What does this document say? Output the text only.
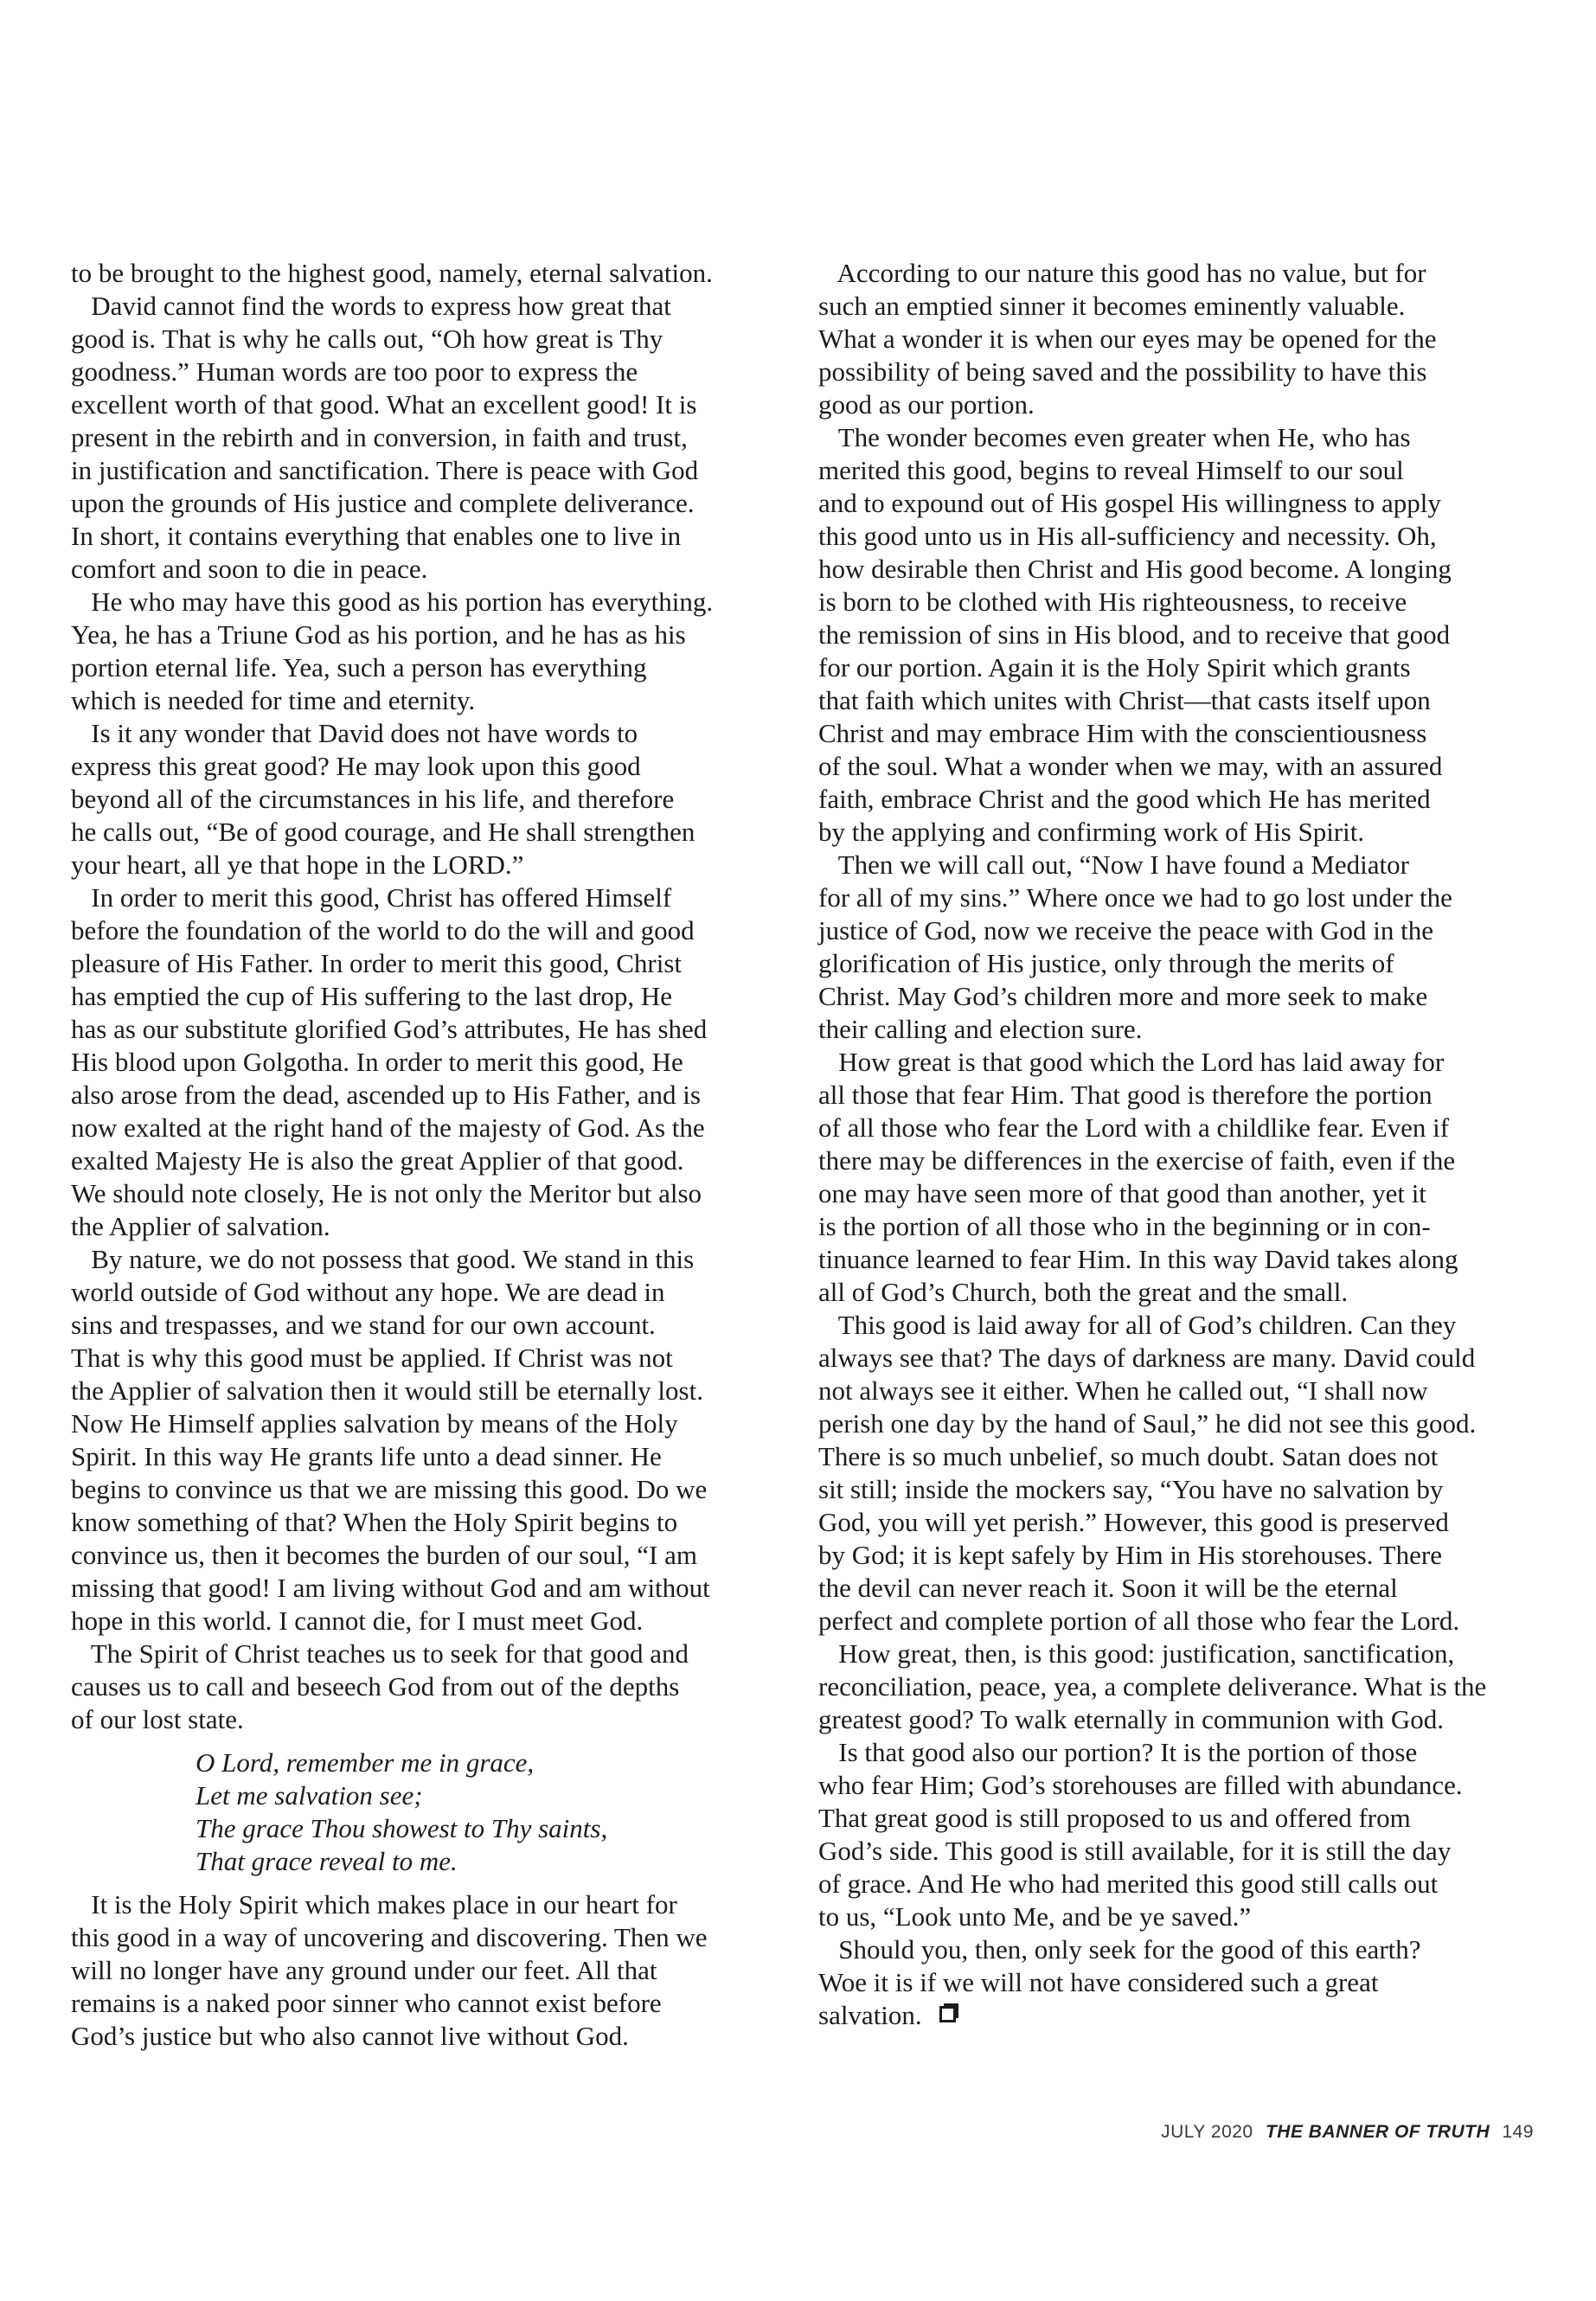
to be brought to the highest good, namely, eternal salvation.
David cannot find the words to express how great that
good is. That is why he calls out, “Oh how great is Thy
goodness.” Human words are too poor to express the
excellent worth of that good. What an excellent good! It is
present in the rebirth and in conversion, in faith and trust,
in justification and sanctification. There is peace with God
upon the grounds of His justice and complete deliverance.
In short, it contains everything that enables one to live in
comfort and soon to die in peace.
He who may have this good as his portion has everything.
Yea, he has a Triune God as his portion, and he has as his
portion eternal life. Yea, such a person has everything
which is needed for time and eternity.
Is it any wonder that David does not have words to
express this great good? He may look upon this good
beyond all of the circumstances in his life, and therefore
he calls out, “Be of good courage, and He shall strengthen
your heart, all ye that hope in the LORD.”
In order to merit this good, Christ has offered Himself
before the foundation of the world to do the will and good
pleasure of His Father. In order to merit this good, Christ
has emptied the cup of His suffering to the last drop, He
has as our substitute glorified God’s attributes, He has shed
His blood upon Golgotha. In order to merit this good, He
also arose from the dead, ascended up to His Father, and is
now exalted at the right hand of the majesty of God. As the
exalted Majesty He is also the great Applier of that good.
We should note closely, He is not only the Meritor but also
the Applier of salvation.
By nature, we do not possess that good. We stand in this
world outside of God without any hope. We are dead in
sins and trespasses, and we stand for our own account.
That is why this good must be applied. If Christ was not
the Applier of salvation then it would still be eternally lost.
Now He Himself applies salvation by means of the Holy
Spirit. In this way He grants life unto a dead sinner. He
begins to convince us that we are missing this good. Do we
know something of that? When the Holy Spirit begins to
convince us, then it becomes the burden of our soul, “I am
missing that good! I am living without God and am without
hope in this world. I cannot die, for I must meet God.
The Spirit of Christ teaches us to seek for that good and
causes us to call and beseech God from out of the depths
of our lost state.
O Lord, remember me in grace,
Let me salvation see;
The grace Thou showest to Thy saints,
That grace reveal to me.
It is the Holy Spirit which makes place in our heart for
this good in a way of uncovering and discovering. Then we
will no longer have any ground under our feet. All that
remains is a naked poor sinner who cannot exist before
God’s justice but who also cannot live without God.
According to our nature this good has no value, but for
such an emptied sinner it becomes eminently valuable.
What a wonder it is when our eyes may be opened for the
possibility of being saved and the possibility to have this
good as our portion.
The wonder becomes even greater when He, who has
merited this good, begins to reveal Himself to our soul
and to expound out of His gospel His willingness to apply
this good unto us in His all-sufficiency and necessity. Oh,
how desirable then Christ and His good become. A longing
is born to be clothed with His righteousness, to receive
the remission of sins in His blood, and to receive that good
for our portion. Again it is the Holy Spirit which grants
that faith which unites with Christ—that casts itself upon
Christ and may embrace Him with the conscientiousness
of the soul. What a wonder when we may, with an assured
faith, embrace Christ and the good which He has merited
by the applying and confirming work of His Spirit.
Then we will call out, “Now I have found a Mediator
for all of my sins.” Where once we had to go lost under the
justice of God, now we receive the peace with God in the
glorification of His justice, only through the merits of
Christ. May God’s children more and more seek to make
their calling and election sure.
How great is that good which the Lord has laid away for
all those that fear Him. That good is therefore the portion
of all those who fear the Lord with a childlike fear. Even if
there may be differences in the exercise of faith, even if the
one may have seen more of that good than another, yet it
is the portion of all those who in the beginning or in con-
tinuance learned to fear Him. In this way David takes along
all of God’s Church, both the great and the small.
This good is laid away for all of God’s children. Can they
always see that? The days of darkness are many. David could
not always see it either. When he called out, “I shall now
perish one day by the hand of Saul,” he did not see this good.
There is so much unbelief, so much doubt. Satan does not
sit still; inside the mockers say, “You have no salvation by
God, you will yet perish.” However, this good is preserved
by God; it is kept safely by Him in His storehouses. There
the devil can never reach it. Soon it will be the eternal
perfect and complete portion of all those who fear the Lord.
How great, then, is this good: justification, sanctification,
reconciliation, peace, yea, a complete deliverance. What is the
greatest good? To walk eternally in communion with God.
Is that good also our portion? It is the portion of those
who fear Him; God’s storehouses are filled with abundance.
That great good is still proposed to us and offered from
God’s side. This good is still available, for it is still the day
of grace. And He who had merited this good still calls out
to us, “Look unto Me, and be ye saved.”
Should you, then, only seek for the good of this earth?
Woe it is if we will not have considered such a great
salvation.
JULY 2020 THE BANNER OF TRUTH 149
